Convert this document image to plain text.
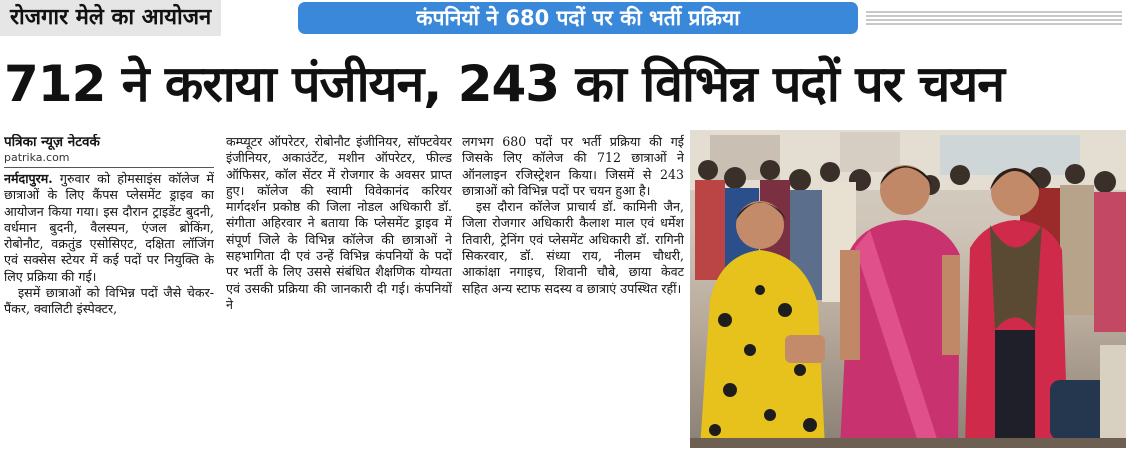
रोजगार मेले का आयोजन	कंपनियों ने 680 पदों पर की भर्ती प्रक्रिया
712 ने कराया पंजीयन, 243 का विभिन्न पदों पर चयन
पत्रिका न्यूज़ नेटवर्क
patrika.com

नर्मदापुरम. गुरुवार को होमसाइंस कॉलेज में छात्राओं के लिए कैंपस प्लेसमेंट ड्राइव का आयोजन किया गया। इस दौरान ट्राइडेंट बुदनी, वर्धमान बुदनी, वैलस्पन, एंजल ब्रोकिंग, रोबोनौट, वक्रतुंड एसोसिएट, दक्षिता लॉजिंग एवं सक्सेस स्टेयर में कई पदों पर नियुक्ति के लिए प्रक्रिया की गई।

इसमें छात्राओं को विभिन्न पदों जैसे चेकर-पैंकर, क्वालिटी इंस्पेक्टर,

कम्प्यूटर ऑपरेटर, रोबोनौट इंजीनियर, सॉफ्टवेयर इंजीनियर, अकाउंटेंट, मशीन ऑपरेटर, फील्ड ऑफिसर, कॉल सेंटर में रोजगार के अवसर प्राप्त हुए। कॉलेज की स्वामी विवेकानंद करियर मार्गदर्शन प्रकोष्ठ की जिला नोडल अधिकारी डॉ. संगीता अहिरवार ने बताया कि प्लेसमेंट ड्राइव में संपूर्ण जिले के विभिन्न कॉलेज की छात्राओं ने सहभागिता दी एवं उन्हें विभिन्न कंपनियों के पदों पर भर्ती के लिए उससे संबंधित शैक्षणिक योग्यता एवं उसकी प्रक्रिया की जानकारी दी गई। कंपनियों ने

लगभग 680 पदों पर भर्ती प्रक्रिया की गई जिसके लिए कॉलेज की 712 छात्राओं ने ऑनलाइन रजिस्ट्रेशन किया। जिसमें से 243 छात्राओं को विभिन्न पदों पर चयन हुआ है।

इस दौरान कॉलेज प्राचार्य डॉ. कामिनी जैन, जिला रोजगार अधिकारी कैलाश माल एवं धर्मेश तिवारी, ट्रेनिंग एवं प्लेसमेंट अधिकारी डॉ. रागिनी सिकरवार, डॉ. संध्या राय, नीलम चौधरी, आकांक्षा नगाइच, शिवानी चौबे, छाया केवट सहित अन्य स्टाफ सदस्य व छात्राएं उपस्थित रहीं।
